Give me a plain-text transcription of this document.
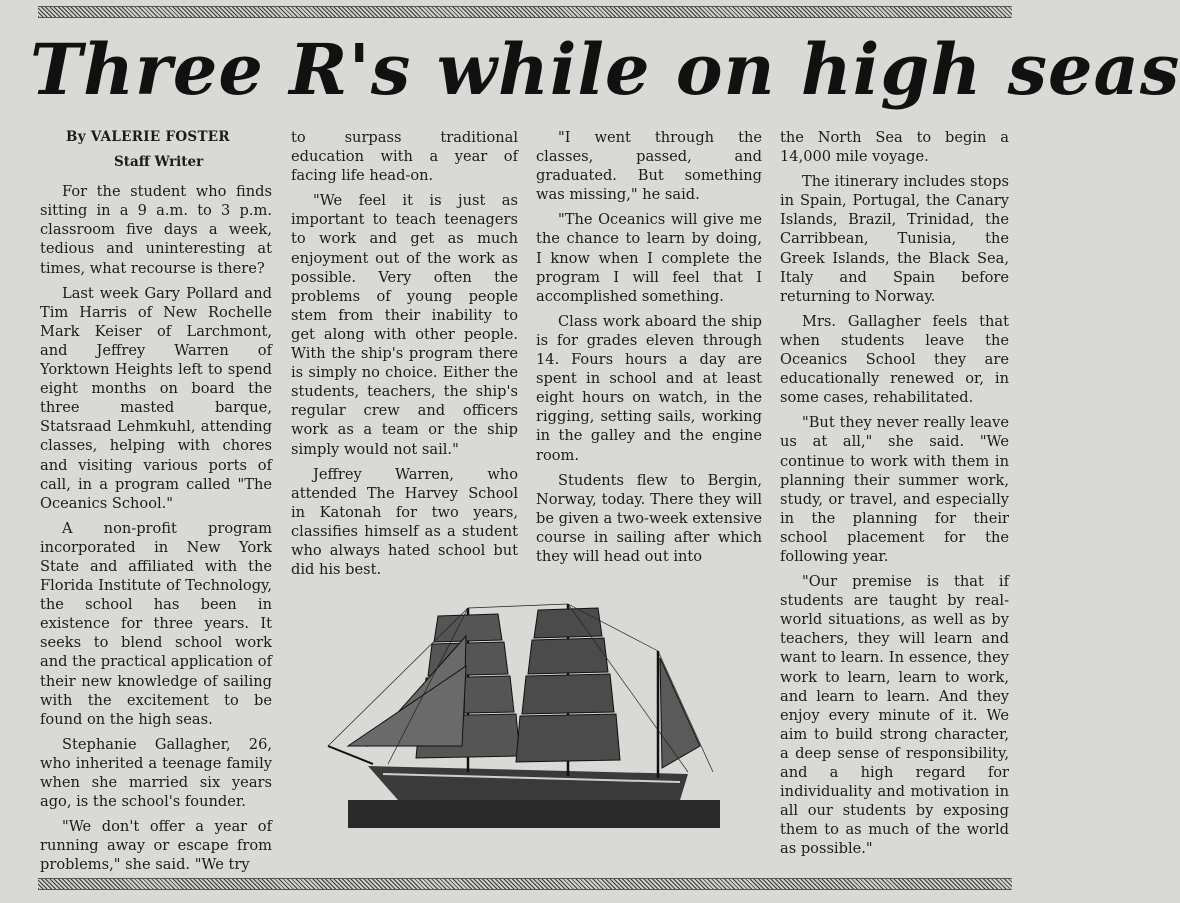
Three R's while on high seas
By VALERIE FOSTER
Staff Writer

For the student who finds sitting in a 9 a.m. to 3 p.m. classroom five days a week, tedious and uninteresting at times, what recourse is there?

Last week Gary Pollard and Tim Harris of New Rochelle Mark Keiser of Larchmont, and Jeffrey Warren of Yorktown Heights left to spend eight months on board the three masted barque, Statsraad Lehmkuhl, attending classes, helping with chores and visiting various ports of call, in a program called "The Oceanics School."

A non-profit program incorporated in New York State and affiliated with the Florida Institute of Technology, the school has been in existence for three years. It seeks to blend school work and the practical application of their new knowledge of sailing with the excitement to be found on the high seas.

Stephanie Gallagher, 26, who inherited a teenage family when she married six years ago, is the school's founder.

"We don't offer a year of running away or escape from problems," she said. "We try

to surpass traditional education with a year of facing life head-on.

"We feel it is just as important to teach teenagers to work and get as much enjoyment out of the work as possible. Very often the problems of young people stem from their inability to get along with other people. With the ship's program there is simply no choice. Either the students, teachers, the ship's regular crew and officers work as a team or the ship simply would not sail."

Jeffrey Warren, who attended The Harvey School in Katonah for two years, classifies himself as a student who always hated school but did his best.

"I went through the classes, passed, and graduated. But something was missing," he said.

"The Oceanics will give me the chance to learn by doing, I know when I complete the program I will feel that I accomplished something.

Class work aboard the ship is for grades eleven through 14. Fours hours a day are spent in school and at least eight hours on watch, in the rigging, setting sails, working in the galley and the engine room.

Students flew to Bergin, Norway, today. There they will be given a two-week extensive course in sailing after which they will head out into

the North Sea to begin a 14,000 mile voyage.

The itinerary includes stops in Spain, Portugal, the Canary Islands, Brazil, Trinidad, the Carribbean, Tunisia, the Greek Islands, the Black Sea, Italy and Spain before returning to Norway.

Mrs. Gallagher feels that when students leave the Oceanics School they are educationally renewed or, in some cases, rehabilitated.

"But they never really leave us at all," she said. "We continue to work with them in planning their summer work, study, or travel, and especially in the planning for their school placement for the following year.

"Our premise is that if students are taught by real-world situations, as well as by teachers, they will learn and want to learn. In essence, they work to learn, learn to work, and learn to learn. And they enjoy every minute of it. We aim to build strong character, a deep sense of responsibility, and a high regard for individuality and motivation in all our students by exposing them to as much of the world as possible."
